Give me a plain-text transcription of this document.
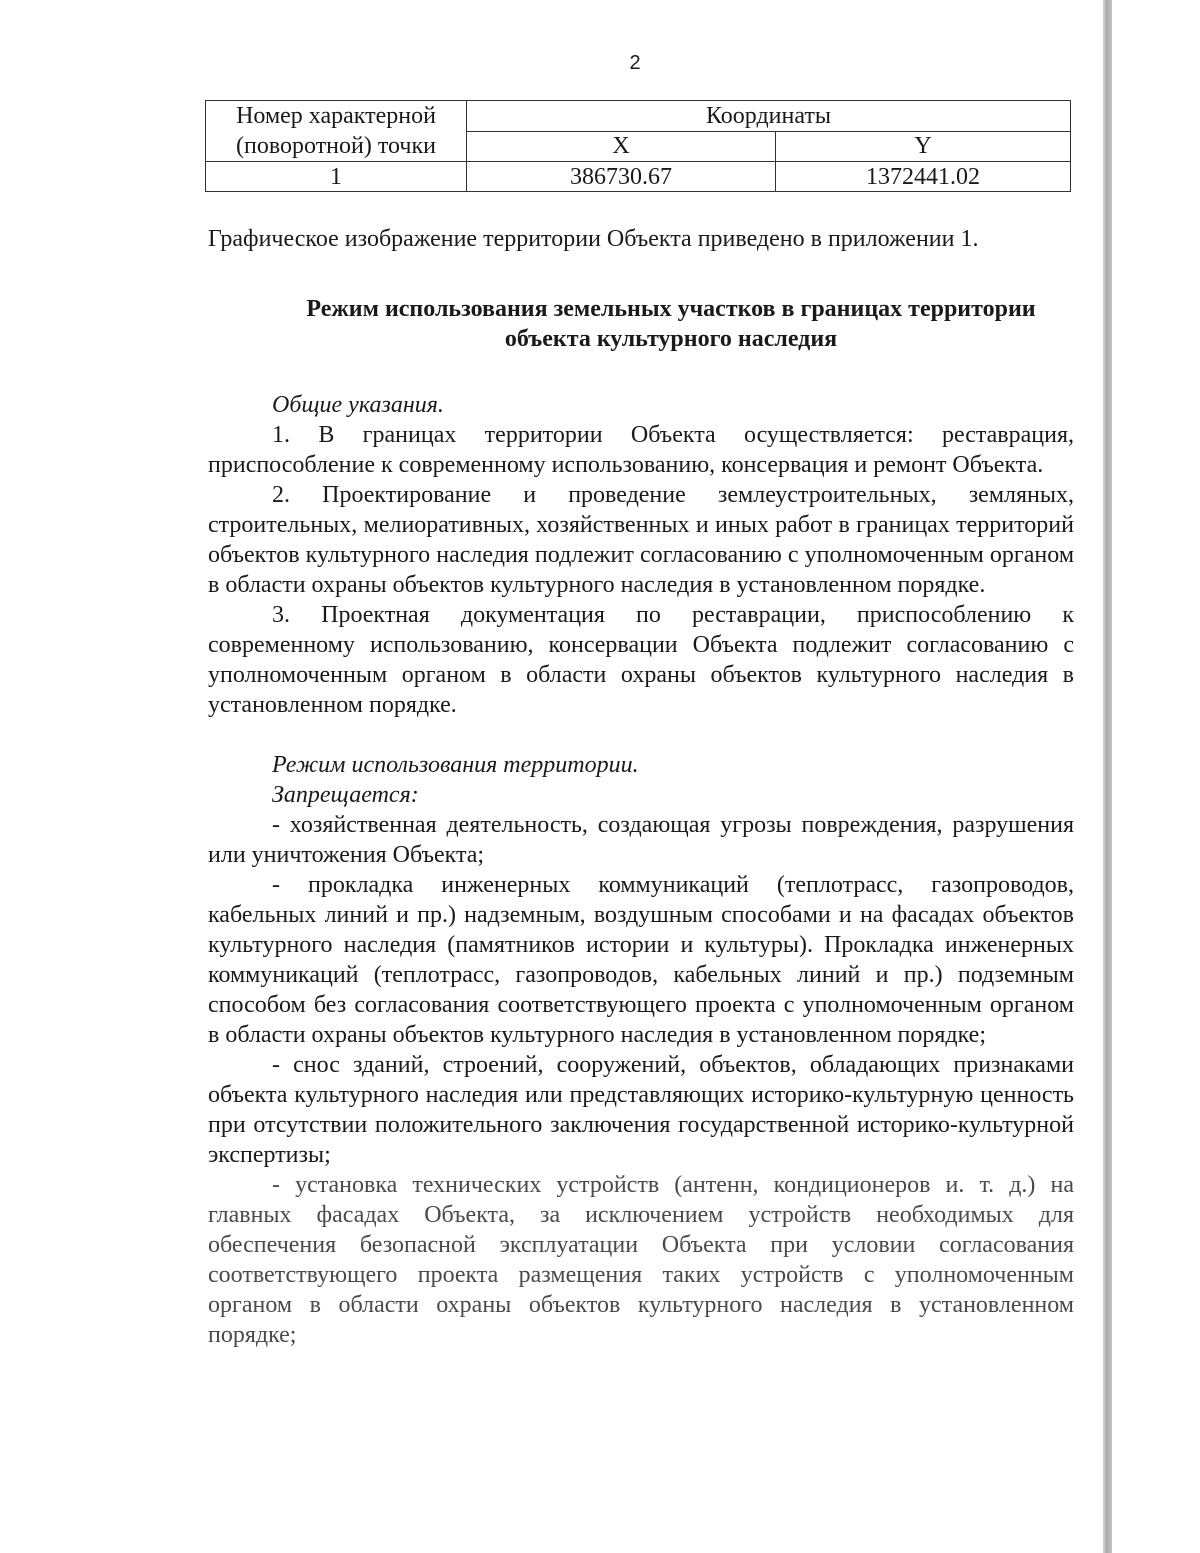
2
Номер характерной (поворотной) точки	Координаты	
	X	Y
1	386730.67	1372441.02

Графическое изображение территории Объекта приведено в приложении 1.

Режим использования земельных участков в границах территории объекта культурного наследия

Общие указания.

1. В границах территории Объекта осуществляется: реставрация, приспособление к современному использованию, консервация и ремонт Объекта.

2. Проектирование и проведение землеустроительных, земляных, строительных, мелиоративных, хозяйственных и иных работ в границах территорий объектов культурного наследия подлежит согласованию с уполномоченным органом в области охраны объектов культурного наследия в установленном порядке.

3. Проектная документация по реставрации, приспособлению к современному использованию, консервации Объекта подлежит согласованию с уполномоченным органом в области охраны объектов культурного наследия в установленном порядке.

Режим использования территории.

Запрещается:

- хозяйственная деятельность, создающая угрозы повреждения, разрушения или уничтожения Объекта;

- прокладка инженерных коммуникаций (теплотрасс, газопроводов, кабельных линий и пр.) надземным, воздушным способами и на фасадах объектов культурного наследия (памятников истории и культуры). Прокладка инженерных коммуникаций (теплотрасс, газопроводов, кабельных линий и пр.) подземным способом без согласования соответствующего проекта с уполномоченным органом в области охраны объектов культурного наследия в установленном порядке;

- снос зданий, строений, сооружений, объектов, обладающих признаками объекта культурного наследия или представляющих историко-культурную ценность при отсутствии положительного заключения государственной историко-культурной экспертизы;

- установка технических устройств (антенн, кондиционеров и. т. д.) на главных фасадах Объекта, за исключением устройств необходимых для обеспечения безопасной эксплуатации Объекта при условии согласования соответствующего проекта размещения таких устройств с уполномоченным органом в области охраны объектов культурного наследия в установленном порядке;
